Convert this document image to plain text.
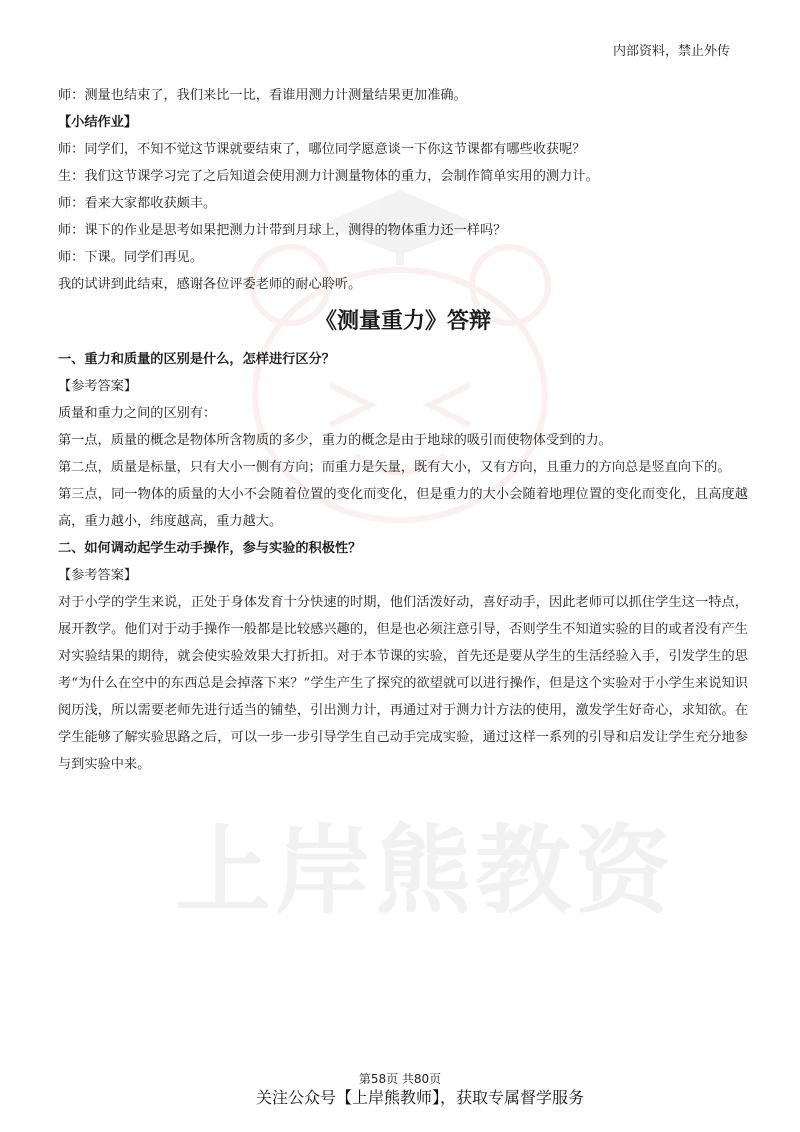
上岸熊教资
内部资料，禁止外传

师：测量也结束了，我们来比一比，看谁用测力计测量结果更加准确。

【小结作业】

师：同学们，不知不觉这节课就要结束了，哪位同学愿意谈一下你这节课都有哪些收获呢？

生：我们这节课学习完了之后知道会使用测力计测量物体的重力，会制作简单实用的测力计。

师：看来大家都收获颇丰。

师：课下的作业是思考如果把测力计带到月球上，测得的物体重力还一样吗？

师：下课。同学们再见。

我的试讲到此结束，感谢各位评委老师的耐心聆听。

《测量重力》答辩

一、重力和质量的区别是什么，怎样进行区分？

【参考答案】

质量和重力之间的区别有：

第一点，质量的概念是物体所含物质的多少，重力的概念是由于地球的吸引而使物体受到的力。

第二点，质量是标量，只有大小一侧有方向；而重力是矢量，既有大小，又有方向，且重力的方向总是竖直向下的。

第三点，同一物体的质量的大小不会随着位置的变化而变化，但是重力的大小会随着地理位置的变化而变化，且高度越高，重力越小，纬度越高，重力越大。

二、如何调动起学生动手操作，参与实验的积极性？

【参考答案】

对于小学的学生来说，正处于身体发育十分快速的时期，他们活泼好动，喜好动手，因此老师可以抓住学生这一特点，展开教学。他们对于动手操作一般都是比较感兴趣的，但是也必须注意引导，否则学生不知道实验的目的或者没有产生对实验结果的期待，就会使实验效果大打折扣。对于本节课的实验，首先还是要从学生的生活经验入手，引发学生的思考“为什么在空中的东西总是会掉落下来？”学生产生了探究的欲望就可以进行操作，但是这个实验对于小学生来说知识阅历浅，所以需要老师先进行适当的铺垫，引出测力计，再通过对于测力计方法的使用，激发学生好奇心，求知欲。在学生能够了解实验思路之后，可以一步一步引导学生自己动手完成实验，通过这样一系列的引导和启发让学生充分地参与到实验中来。

第58页 共80页
关注公众号【上岸熊教师】，获取专属督学服务
